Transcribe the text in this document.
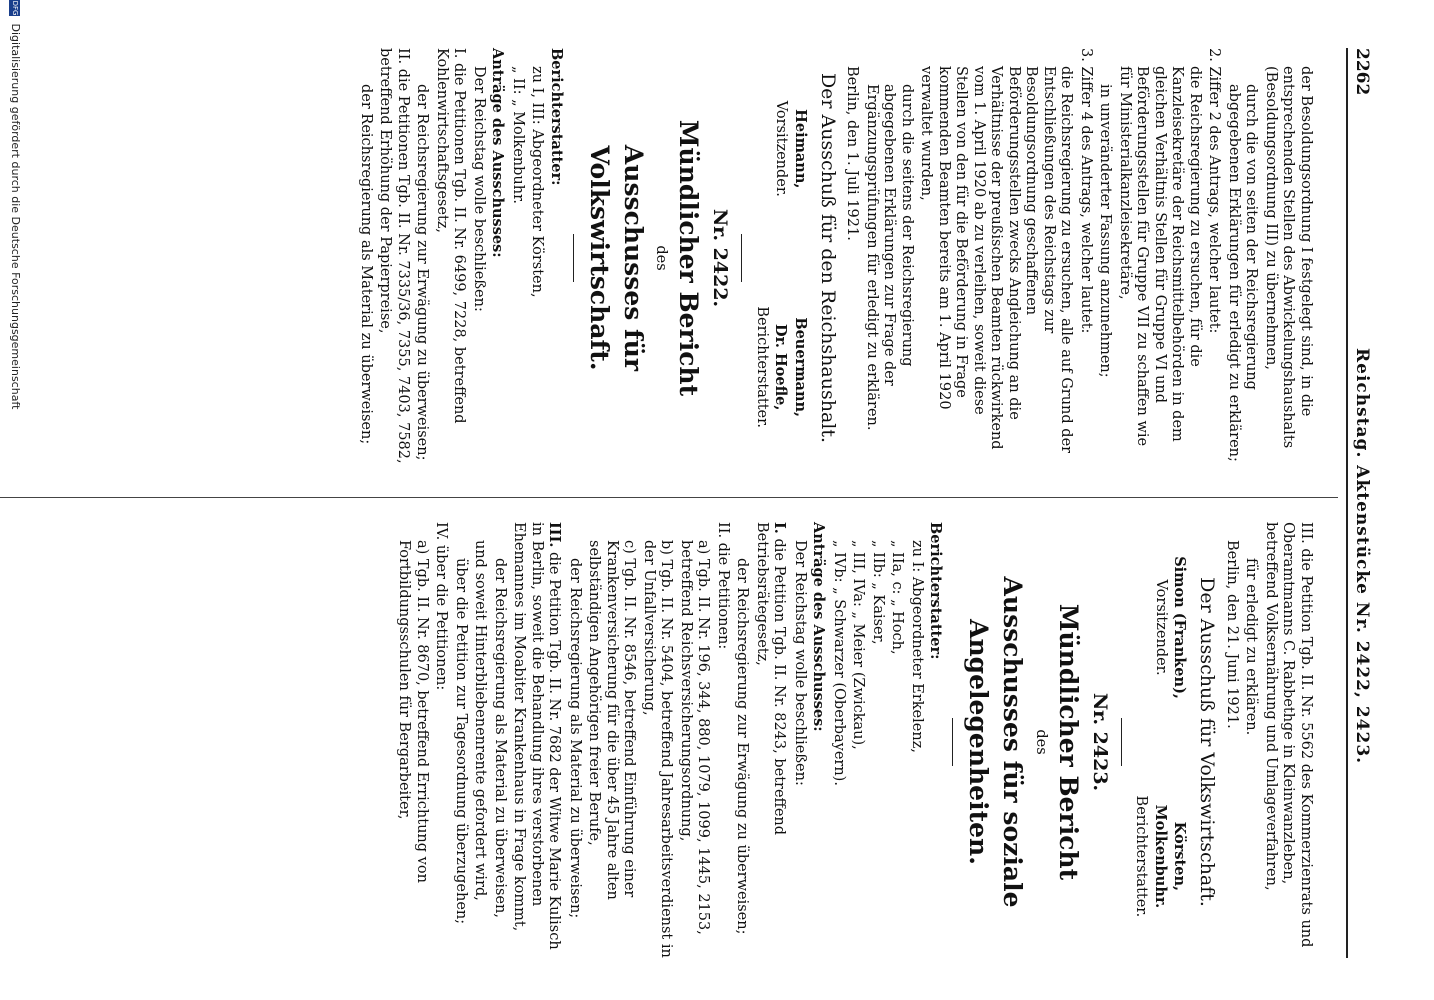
2262
Reichstag. Aktenstücke Nr. 2422, 2423.

der Besoldungsordnung I festgelegt sind, in die entsprechenden Stellen des Abwickelungshaushalts (Besoldungsordnung III) zu übernehmen,

durch die von seiten der Reichsregierung abgegebenen Erklärungen für erledigt zu erklären;

2. Ziffer 2 des Antrags, welcher lautet:

die Reichsregierung zu ersuchen, für die Kanzleisekretäre der Reichsmittelbehörden in dem gleichen Verhältnis Stellen für Gruppe VI und Beförderungsstellen für Gruppe VII zu schaffen wie für Ministerialkanzleisekretäre,

in unveränderter Fassung anzunehmen;

3. Ziffer 4 des Antrags, welcher lautet:

die Reichsregierung zu ersuchen, alle auf Grund der Entschließungen des Reichstags zur Besoldungsordnung geschaffenen Beförderungsstellen zwecks Angleichung an die Verhältnisse der preußischen Beamten rückwirkend vom 1. April 1920 ab zu verleihen, soweit diese Stellen von den für die Beförderung in Frage kommenden Beamten bereits am 1. April 1920 verwaltet wurden,

durch die seitens der Reichsregierung abgegebenen Erklärungen zur Frage der Ergänzungsprüfungen für erledigt zu erklären.

Berlin, den 1. Juli 1921.

Der Ausschuß für den Reichshaushalt.

Heimann,

Vorsitzender.

Beuermann,

Dr. Hoefle,

Berichterstatter.

Nr. 2422.

Mündlicher Bericht

des

Ausschusses für Volkswirtschaft.

Berichterstatter:

zu I, III: Abgeordneter Körsten,

„ II: „ Molkenbuhr.

Anträge des Ausschusses:

Der Reichstag wolle beschließen:

I. die Petitionen Tgb. II. Nr. 6499, 7228, betreffend Kohlenwirtschaftsgesetz,

der Reichsregierung zur Erwägung zu überweisen;

II. die Petitionen Tgb. II. Nr. 7335/36, 7355, 7403, 7582, betreffend Erhöhung der Papierpreise,

der Reichsregierung als Material zu überweisen;

III. die Petition Tgb. II. Nr. 5562 des Kommerzienrats und Oberamtmanns C. Rabbethge in Kleinwanzleben, betreffend Volksernährung und Umlageverfahren,

für erledigt zu erklären.

Berlin, den 21. Juni 1921.

Der Ausschuß für Volkswirtschaft.

Simon (Franken),

Vorsitzender.

Körsten,

Molkenbuhr.

Berichterstatter.

Nr. 2423.

Mündlicher Bericht

des

Ausschusses für soziale Angelegenheiten.

Berichterstatter:

zu I: Abgeordneter Erkelenz,

„ IIa, c: „ Hoch,

„ IIb: „ Kaiser,

„ III, IVa: „ Meier (Zwickau),

„ IVb: „ Schwarzer (Oberbayern).

Anträge des Ausschusses:

Der Reichstag wolle beschließen:

I. die Petition Tgb. II. Nr. 8243, betreffend Betriebsrätegesetz,

der Reichsregierung zur Erwägung zu überweisen;

II. die Petitionen:

a) Tgb. II. Nr. 196, 344, 880, 1079, 1099, 1445, 2153, betreffend Reichsversicherungsordnung,

b) Tgb. II. Nr. 5404, betreffend Jahresarbeitsverdienst in der Unfallversicherung,

c) Tgb. II. Nr. 8546, betreffend Einführung einer Krankenversicherung für die über 45 Jahre alten selbständigen Angehörigen freier Berufe,

der Reichsregierung als Material zu überweisen;

III. die Petition Tgb. II. Nr. 7682 der Witwe Marie Kulisch in Berlin, soweit die Behandlung ihres verstorbenen Ehemannes im Moabiter Krankenhaus in Frage kommt,

der Reichsregierung als Material zu überweisen,

und soweit Hinterbliebenenrente gefordert wird,

über die Petition zur Tagesordnung überzugehen;

IV. über die Petitionen:

a) Tgb. II. Nr. 8670, betreffend Errichtung von Fortbildungsschulen für Bergarbeiter,

DFG Digitalisierung gefördert durch die Deutsche Forschungsgemeinschaft
